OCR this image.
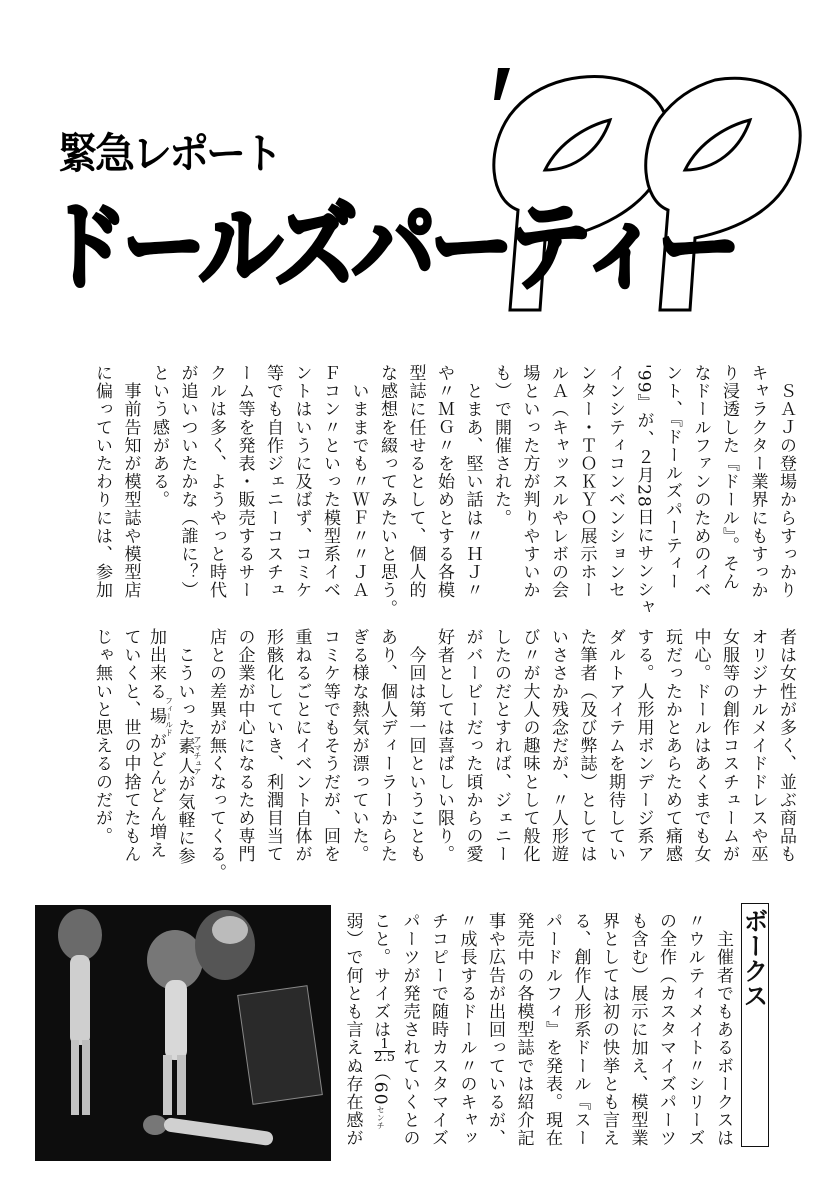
緊急レポート
ドールズパーティー
　ＳＡＪの登場からすっかり
キャラクター業界にもすっか
り浸透した『ドール』。そん
なドールファンのためのイベ
ント、『ドールズパーティー
'99』が、２月28日にサンシャ
インシティコンベンションセ
ンター・ＴＯＫＹＯ展示ホー
ルＡ（キャッスルやレボの会
場といった方が判りやすいか
も）で開催された。
　とまあ、堅い話は〃ＨＪ〃
や〃ＭＧ〃を始めとする各模
型誌に任せるとして、個人的
な感想を綴ってみたいと思う。
　いままでも〃ＷＦ〃〃ＪＡ
Ｆコン〃といった模型系イベ
ントはいうに及ばず、コミケ
等でも自作ジェニーコスチュ
ーム等を発表・販売するサー
クルは多く、ようやっと時代
が追いついたかな（誰に？）
という感がある。
　事前告知が模型誌や模型店
に偏っていたわりには、参加
者は女性が多く、並ぶ商品も
オリジナルメイドドレスや巫
女服等の創作コスチュームが
中心。ドールはあくまでも女
玩だったかとあらためて痛感
する。人形用ボンデージ系ア
ダルトアイテムを期待してい
た筆者（及び弊誌）としては
いささか残念だが、〃人形遊
び〃が大人の趣味として般化
したのだとすれば、ジェニー
がバービーだった頃からの愛
好者としては喜ばしい限り。
　今回は第一回ということも
あり、個人ディーラーからた
ぎる様な熱気が漂っていた。
コミケ等でもそうだが、回を
重ねるごとにイベント自体が
形骸化していき、利潤目当て
の企業が中心になるため専門
店との差異が無くなってくる。
　こういった素人アマチュアが気軽に参
加出来る場フィールドがどんどん増え
ていくと、世の中捨てたもん
じゃ無いと思えるのだが。
ボークス
　主催者でもあるボークスは
〃ウルティメイト〃シリーズ
の全作（カスタマイズパーツ
も含む）展示に加え、模型業
界としては初の快挙とも言え
る、創作人形系ドール『スー
パードルフィ』を発表。現在
発売中の各模型誌では紹介記
事や広告が出回っているが、
〃成長するドール〃のキャッ
チコピーで随時カスタマイズ
パーツが発売されていくとの
こと。サイズは
$\frac{1}{2.5}(60$センチ
弱）で何とも言えぬ存在感が
